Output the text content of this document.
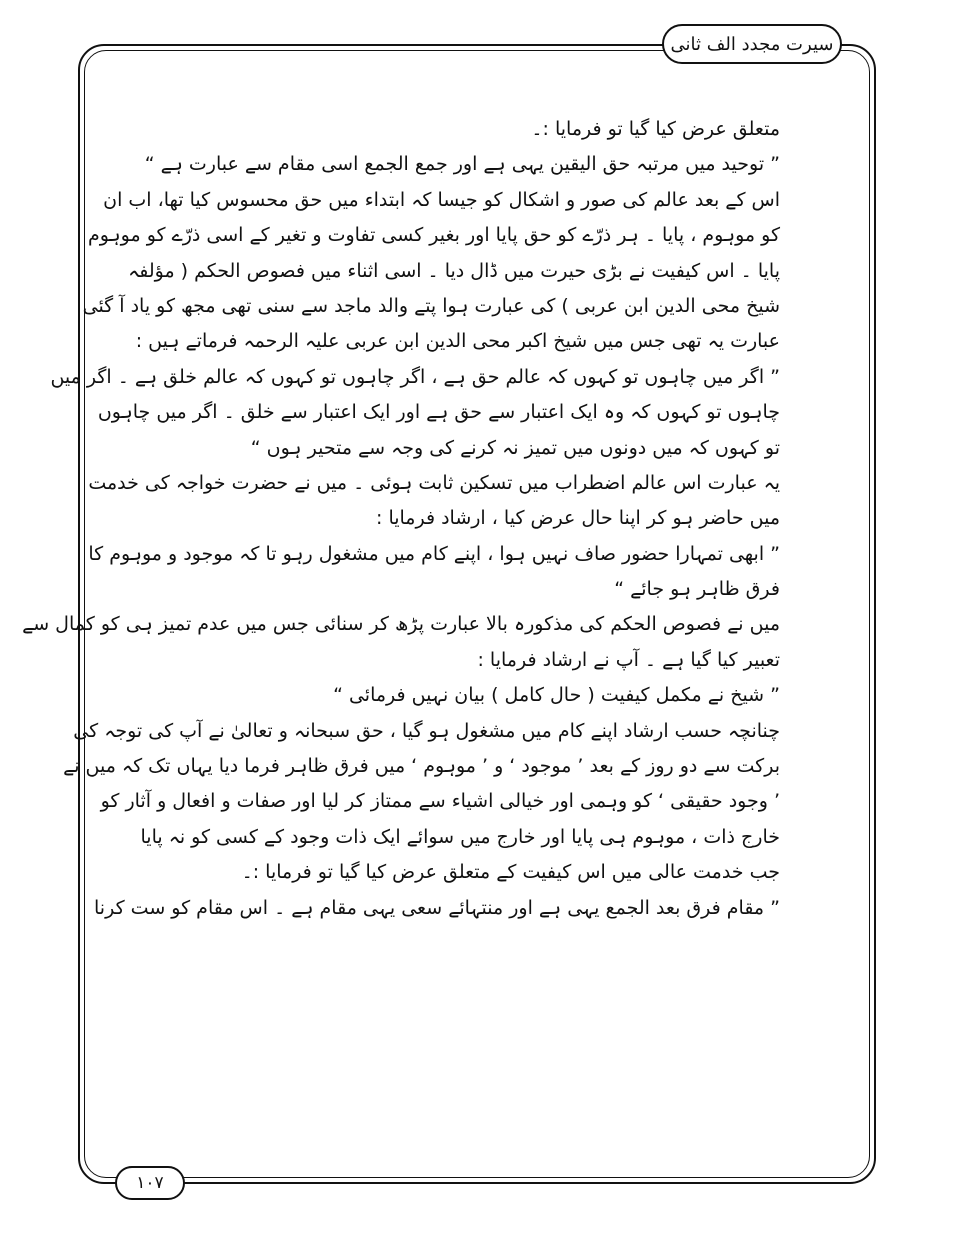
سیرت مجدد الف ثانی
متعلق عرض کیا گیا تو فرمایا :۔
” توحید میں مرتبہ حق الیقین یہی ہے اور جمع الجمع اسی مقام سے عبارت ہے “
اس کے بعد عالم کی صور و اشکال کو جیسا کہ ابتداء میں حق محسوس کیا تھا، اب ان
کو موہوم ، پایا ۔ ہر ذرّے کو حق پایا اور بغیر کسی تفاوت و تغیر کے اسی ذرّے کو موہوم
پایا ۔ اس کیفیت نے بڑی حیرت میں ڈال دیا ۔ اسی اثناء میں فصوص الحکم ( مؤلفہ
شیخ محی الدین ابن عربی ) کی عبارت ہوا پتے والد ماجد سے سنی تھی مجھ کو یاد آ گئی
عبارت یہ تھی جس میں شیخ اکبر محی الدین ابن عربی علیہ الرحمہ فرماتے ہیں :
” اگر میں چاہوں تو کہوں کہ عالم حق ہے ، اگر چاہوں تو کہوں کہ عالم خلق ہے ۔ اگر میں
چاہوں تو کہوں کہ وہ ایک اعتبار سے حق ہے اور ایک اعتبار سے خلق ۔ اگر میں چاہوں
تو کہوں کہ میں دونوں میں تمیز نہ کرنے کی وجہ سے متحیر ہوں “
یہ عبارت اس عالم اضطراب میں تسکین ثابت ہوئی ۔ میں نے حضرت خواجہ کی خدمت
میں حاضر ہو کر اپنا حال عرض کیا ، ارشاد فرمایا :
” ابھی تمہارا حضور صاف نہیں ہوا ، اپنے کام میں مشغول رہو تا کہ موجود و موہوم کا
فرق ظاہر ہو جائے “
میں نے فصوص الحکم کی مذکورہ بالا عبارت پڑھ کر سنائی جس میں عدم تمیز ہی کو کمال سے
تعبیر کیا گیا ہے ۔ آپ نے ارشاد فرمایا :
” شیخ نے مکمل کیفیت ( حال کامل ) بیان نہیں فرمائی “
چنانچہ حسب ارشاد اپنے کام میں مشغول ہو گیا ، حق سبحانہ و تعالیٰ نے آپ کی توجہ کی
برکت سے دو روز کے بعد ’ موجود ‘ و ’ موہوم ‘ میں فرق ظاہر فرما دیا یہاں تک کہ میں نے
’ وجود حقیقی ‘ کو وہمی اور خیالی اشیاء سے ممتاز کر لیا اور صفات و افعال و آثار کو
خارج ذات ، موہوم ہی پایا اور خارج میں سوائے ایک ذات وجود کے کسی کو نہ پایا
جب خدمت عالی میں اس کیفیت کے متعلق عرض کیا گیا تو فرمایا :۔
” مقام فرق بعد الجمع یہی ہے اور منتہائے سعی یہی مقام ہے ۔ اس مقام کو ست کرنا
۱۰۷
